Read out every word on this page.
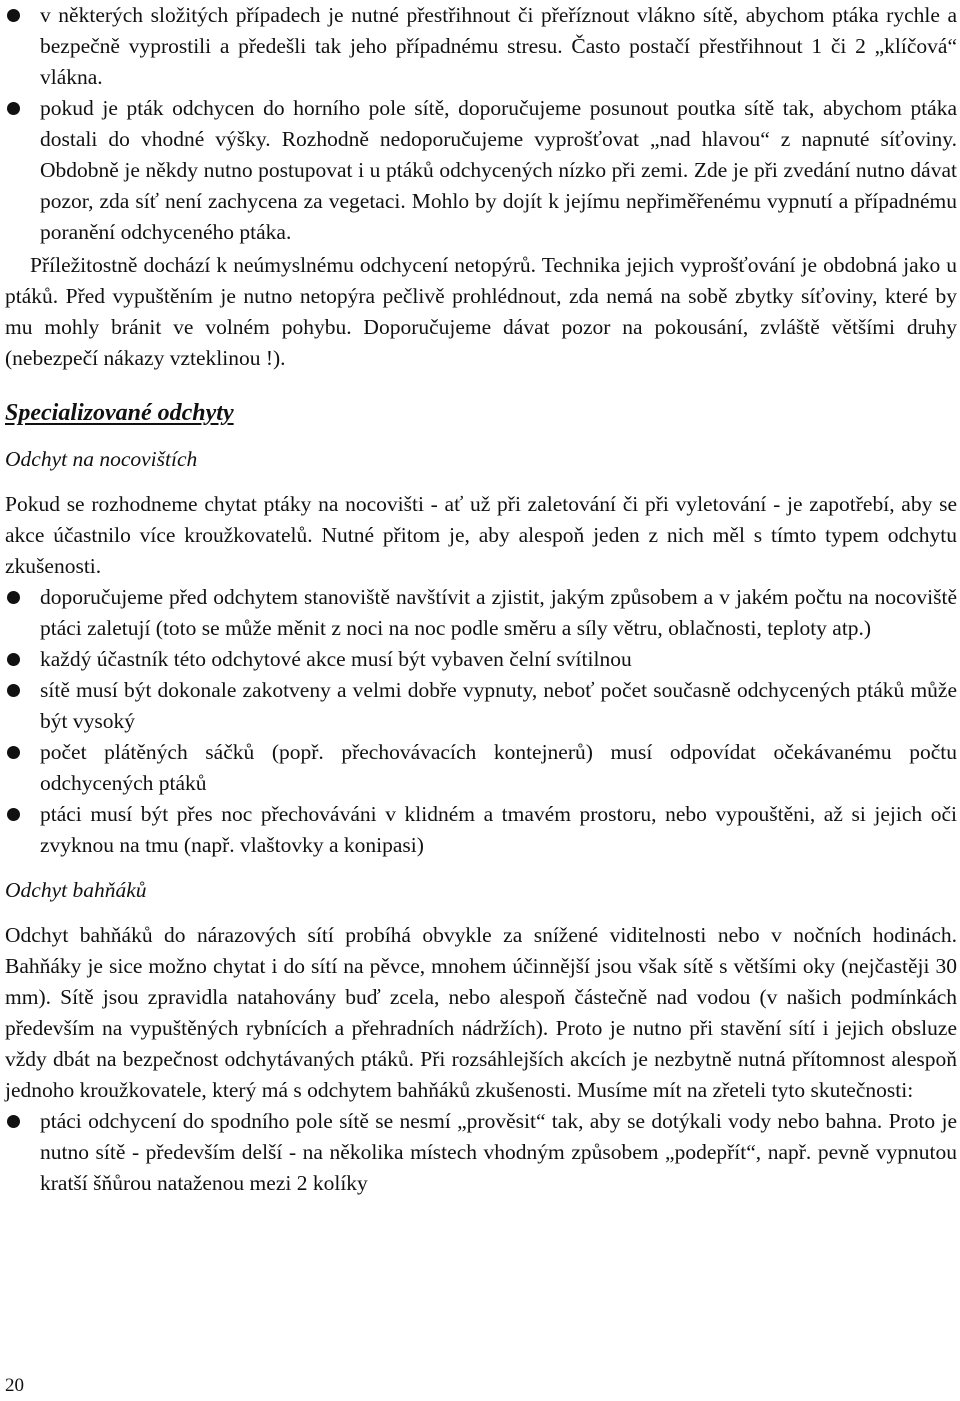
v některých složitých případech je nutné přestřihnout či přeříznout vlákno sítě, abychom ptáka rychle a bezpečně vyprostili a předešli tak jeho případnému stresu. Často postačí přestřihnout 1 či 2 „klíčová“ vlákna.

pokud je pták odchycen do horního pole sítě, doporučujeme posunout poutka sítě tak, abychom ptáka dostali do vhodné výšky. Rozhodně nedoporučujeme vyprošťovat „nad hlavou“ z napnuté síťoviny. Obdobně je někdy nutno postupovat i u ptáků odchycených nízko při zemi. Zde je při zvedání nutno dávat pozor, zda síť není zachycena za vegetaci. Mohlo by dojít k jejímu nepřiměřenému vypnutí a případnému poranění odchyceného ptáka.

Příležitostně dochází k neúmyslnému odchycení netopýrů. Technika jejich vyprošťování je obdobná jako u ptáků. Před vypuštěním je nutno netopýra pečlivě prohlédnout, zda nemá na sobě zbytky síťoviny, které by mu mohly bránit ve volném pohybu. Doporučujeme dávat pozor na pokousání, zvláště většími druhy (nebezpečí nákazy vzteklinou !).

Specializované odchyty
Odchyt na nocovištích

Pokud se rozhodneme chytat ptáky na nocovišti - ať už při zaletování či při vyletování - je zapotřebí, aby se akce účastnilo více kroužkovatelů. Nutné přitom je, aby alespoň jeden z nich měl s tímto typem odchytu zkušenosti.

doporučujeme před odchytem stanoviště navštívit a zjistit, jakým způsobem a v jakém počtu na nocoviště ptáci zaletují (toto se může měnit z noci na noc podle směru a síly větru, oblačnosti, teploty atp.)

každý účastník této odchytové akce musí být vybaven čelní svítilnou

sítě musí být dokonale zakotveny a velmi dobře vypnuty, neboť počet současně odchycených ptáků může být vysoký

počet plátěných sáčků (popř. přechovávacích kontejnerů) musí odpovídat očekávanému počtu odchycených ptáků

ptáci musí být přes noc přechováváni v klidném a tmavém prostoru, nebo vypouštěni, až si jejich oči zvyknou na tmu (např. vlaštovky a konipasi)

Odchyt bahňáků

Odchyt bahňáků do nárazových sítí probíhá obvykle za snížené viditelnosti nebo v nočních hodinách. Bahňáky je sice možno chytat i do sítí na pěvce, mnohem účinnější jsou však sítě s většími oky (nejčastěji 30 mm). Sítě jsou zpravidla natahovány buď zcela, nebo alespoň částečně nad vodou (v našich podmínkách především na vypuštěných rybnících a přehradních nádržích). Proto je nutno při stavění sítí i jejich obsluze vždy dbát na bezpečnost odchytávaných ptáků. Při rozsáhlejších akcích je nezbytně nutná přítomnost alespoň jednoho kroužkovatele, který má s odchytem bahňáků zkušenosti. Musíme mít na zřeteli tyto skutečnosti:

ptáci odchycení do spodního pole sítě se nesmí „prověsit“ tak, aby se dotýkali vody nebo bahna. Proto je nutno sítě - především delší - na několika místech vhodným způsobem „podepřít“, např. pevně vypnutou kratší šňůrou nataženou mezi 2 kolíky

20
